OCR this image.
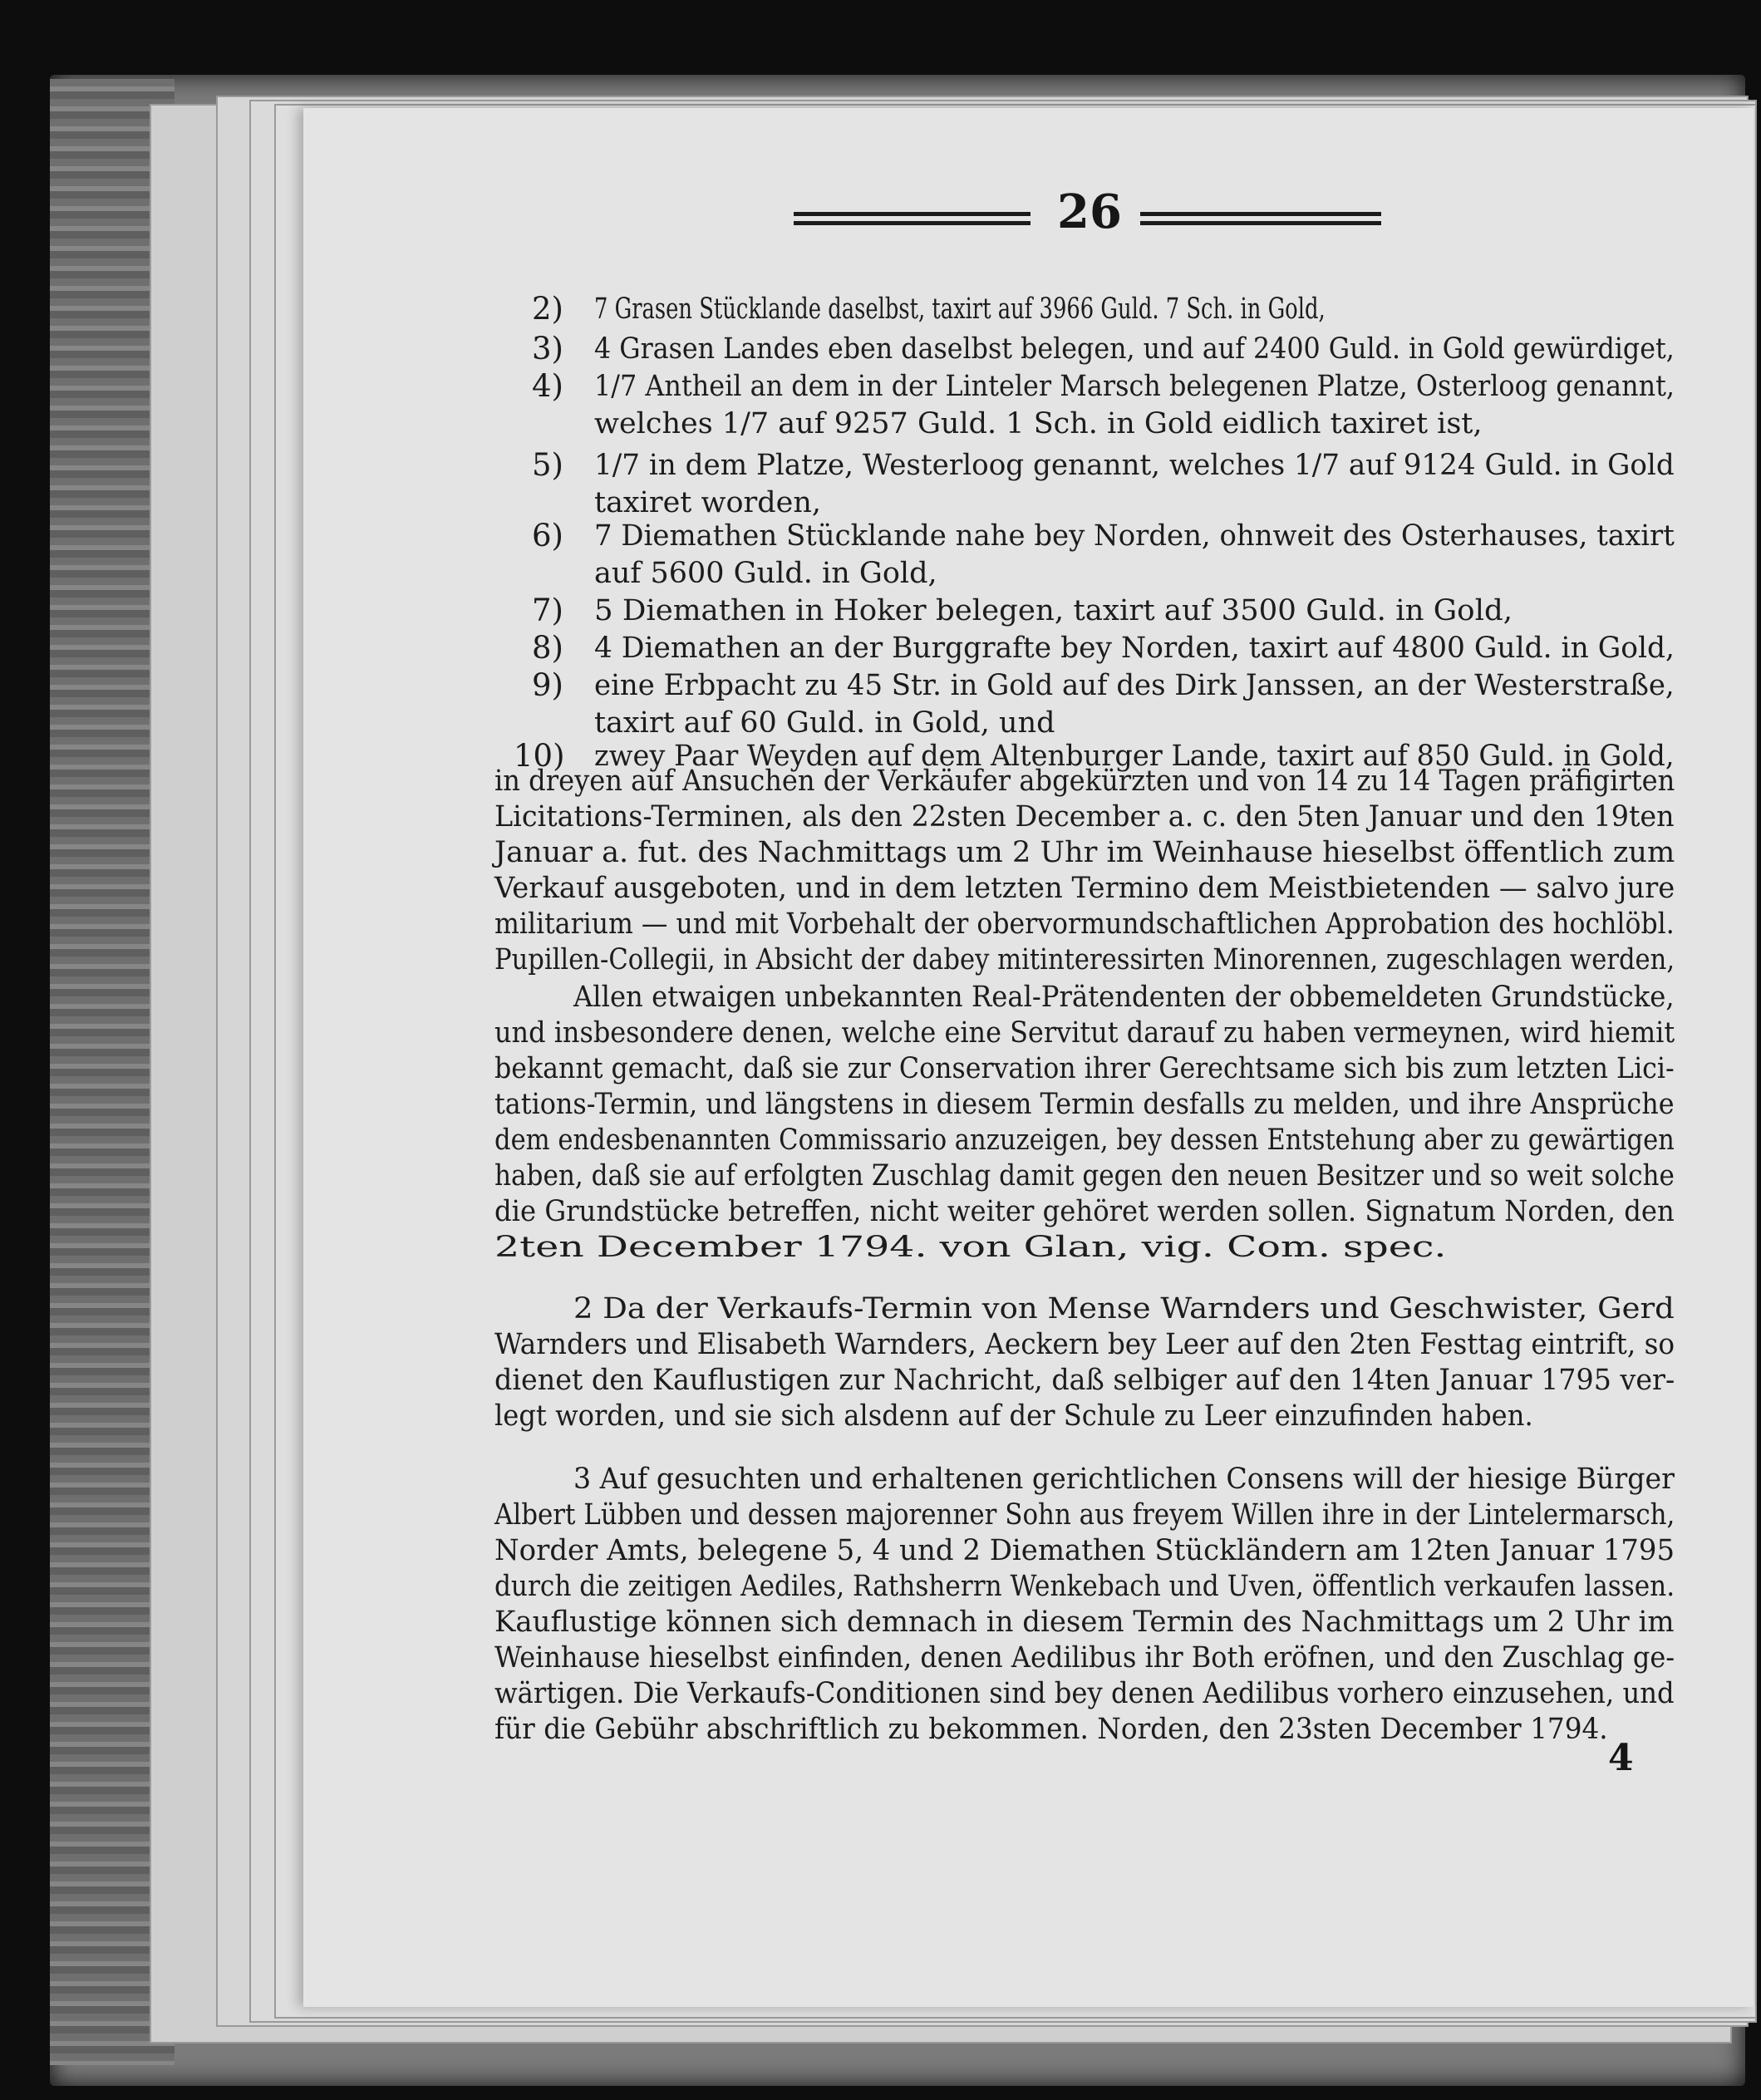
26
2) 7 Grasen Stücklande daselbst, taxirt auf 3966 Guld. 7 Sch. in Gold,
3) 4 Grasen Landes eben daselbst belegen, und auf 2400 Guld. in Gold gewürdiget,
4) 1/7 Antheil an dem in der Linteler Marsch belegenen Platze, Osterloog genannt,
welches 1/7 auf 9257 Guld. 1 Sch. in Gold eidlich taxiret ist,
5) 1/7 in dem Platze, Westerloog genannt, welches 1/7 auf 9124 Guld. in Gold
taxiret worden,
6) 7 Diemathen Stücklande nahe bey Norden, ohnweit des Osterhauses, taxirt
auf 5600 Guld. in Gold,
7) 5 Diemathen in Hoker belegen, taxirt auf 3500 Guld. in Gold,
8) 4 Diemathen an der Burggrafte bey Norden, taxirt auf 4800 Guld. in Gold,
9) eine Erbpacht zu 45 Str. in Gold auf des Dirk Janssen, an der Westerstraße,
taxirt auf 60 Guld. in Gold, und
10) zwey Paar Weyden auf dem Altenburger Lande, taxirt auf 850 Guld. in Gold,
in dreyen auf Ansuchen der Verkäufer abgekürzten und von 14 zu 14 Tagen präfigirten
Licitations-Terminen, als den 22sten December a. c. den 5ten Januar und den 19ten
Januar a. fut. des Nachmittags um 2 Uhr im Weinhause hieselbst öffentlich zum
Verkauf ausgeboten, und in dem letzten Termino dem Meistbietenden — salvo jure
militarium — und mit Vorbehalt der obervormundschaftlichen Approbation des hochlöbl.
Pupillen-Collegii, in Absicht der dabey mitinteressirten Minorennen, zugeschlagen werden,
Allen etwaigen unbekannten Real-Prätendenten der obbemeldeten Grundstücke,
und insbesondere denen, welche eine Servitut darauf zu haben vermeynen, wird hiemit
bekannt gemacht, daß sie zur Conservation ihrer Gerechtsame sich bis zum letzten Lici-
tations-Termin, und längstens in diesem Termin desfalls zu melden, und ihre Ansprüche
dem endesbenannten Commissario anzuzeigen, bey dessen Entstehung aber zu gewärtigen
haben, daß sie auf erfolgten Zuschlag damit gegen den neuen Besitzer und so weit solche
die Grundstücke betreffen, nicht weiter gehöret werden sollen. Signatum Norden, den
2ten December 1794. von Glan, vig. Com. spec.
2 Da der Verkaufs-Termin von Mense Warnders und Geschwister, Gerd
Warnders und Elisabeth Warnders, Aeckern bey Leer auf den 2ten Festtag eintrift, so
dienet den Kauflustigen zur Nachricht, daß selbiger auf den 14ten Januar 1795 ver-
legt worden, und sie sich alsdenn auf der Schule zu Leer einzufinden haben.
3 Auf gesuchten und erhaltenen gerichtlichen Consens will der hiesige Bürger
Albert Lübben und dessen majorenner Sohn aus freyem Willen ihre in der Lintelermarsch,
Norder Amts, belegene 5, 4 und 2 Diemathen Stückländern am 12ten Januar 1795
durch die zeitigen Aediles, Rathsherrn Wenkebach und Uven, öffentlich verkaufen lassen.
Kauflustige können sich demnach in diesem Termin des Nachmittags um 2 Uhr im
Weinhause hieselbst einfinden, denen Aedilibus ihr Both eröfnen, und den Zuschlag ge-
wärtigen. Die Verkaufs-Conditionen sind bey denen Aedilibus vorhero einzusehen, und
für die Gebühr abschriftlich zu bekommen. Norden, den 23sten December 1794.
4
